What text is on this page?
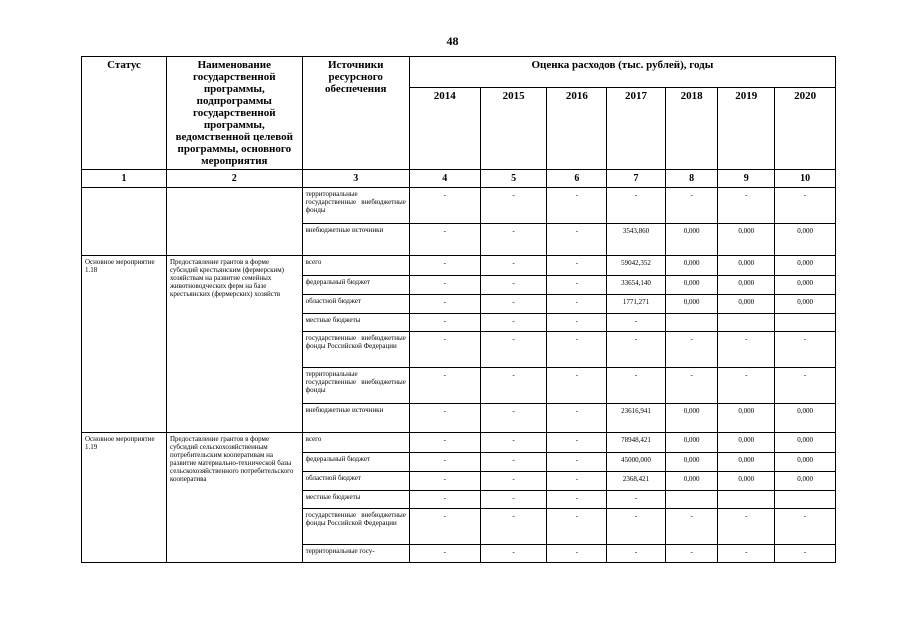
48
Статус	Наименование государственной программы, подпрограммы государственной программы, ведомственной целевой программы, основного мероприятия	Источники ресурсного обеспечения	Оценка расходов (тыс. рублей), годы						
			2014	2015	2016	2017	2018	2019	2020
1	2	3	4	5	6	7	8	9	10
		территориальные государственные внебюджетные фонды	-	-	-	-	-	-	-
		внебюджетные источники	-	-	-	3543,860	0,000	0,000	0,000
Основное мероприятие 1.18	Предоставление грантов в форме субсидий крестьянским (фермерским) хозяйствам на развитие семейных животноводческих ферм на базе крестьянских (фермерских) хозяйств	всего	-	-	-	59042,352	0,000	0,000	0,000
		федеральный бюджет	-	-	-	33654,140	0,000	0,000	0,000
		областной бюджет	-	-	-	1771,271	0,000	0,000	0,000
		местные бюджеты	-	-	-	-			
		государственные внебюджетные фонды Российской Федерации	-	-	-	-	-	-	-
		территориальные государственные внебюджетные фонды	-	-	-	-	-	-	-
		внебюджетные источники	-	-	-	23616,941	0,000	0,000	0,000
Основное мероприятие 1.19	Предоставление грантов в форме субсидий сельскохозяйственным потребительским кооперативам на развитие материально-технической базы сельскохозяйственного потребительского кооператива	всего	-	-	-	78948,421	0,000	0,000	0,000
		федеральный бюджет	-	-	-	45000,000	0,000	0,000	0,000
		областной бюджет	-	-	-	2368,421	0,000	0,000	0,000
		местные бюджеты	-	-	-	-			
		государственные внебюджетные фонды Российской Федерации	-	-	-	-	-	-	-
		территориальные госу-	-	-	-	-	-	-	-
